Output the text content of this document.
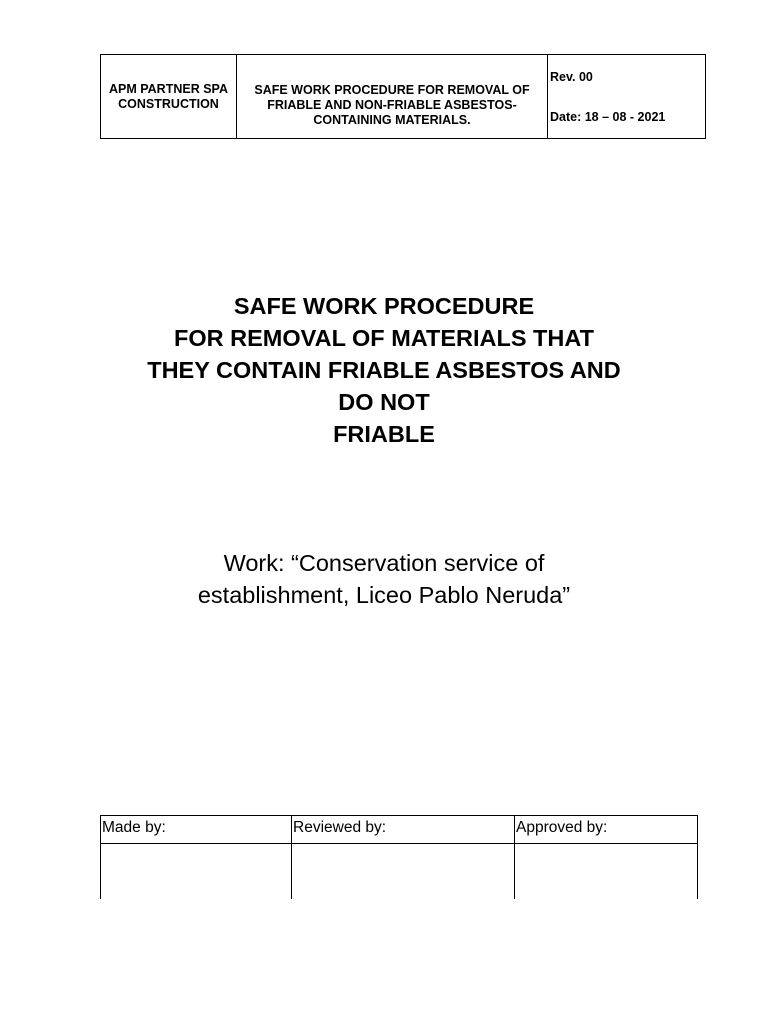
APM PARTNER SPA
CONSTRUCTION

SAFE WORK PROCEDURE FOR REMOVAL OF
FRIABLE AND NON-FRIABLE ASBESTOS-
CONTAINING MATERIALS.

Rev. 00
Date: 18 – 08 - 2021
SAFE WORK PROCEDURE
FOR REMOVAL OF MATERIALS THAT
THEY CONTAIN FRIABLE ASBESTOS AND
DO NOT
FRIABLE
Work: “Conservation service of
establishment, Liceo Pablo Neruda”
Made by:	Reviewed by:	Approved by:
